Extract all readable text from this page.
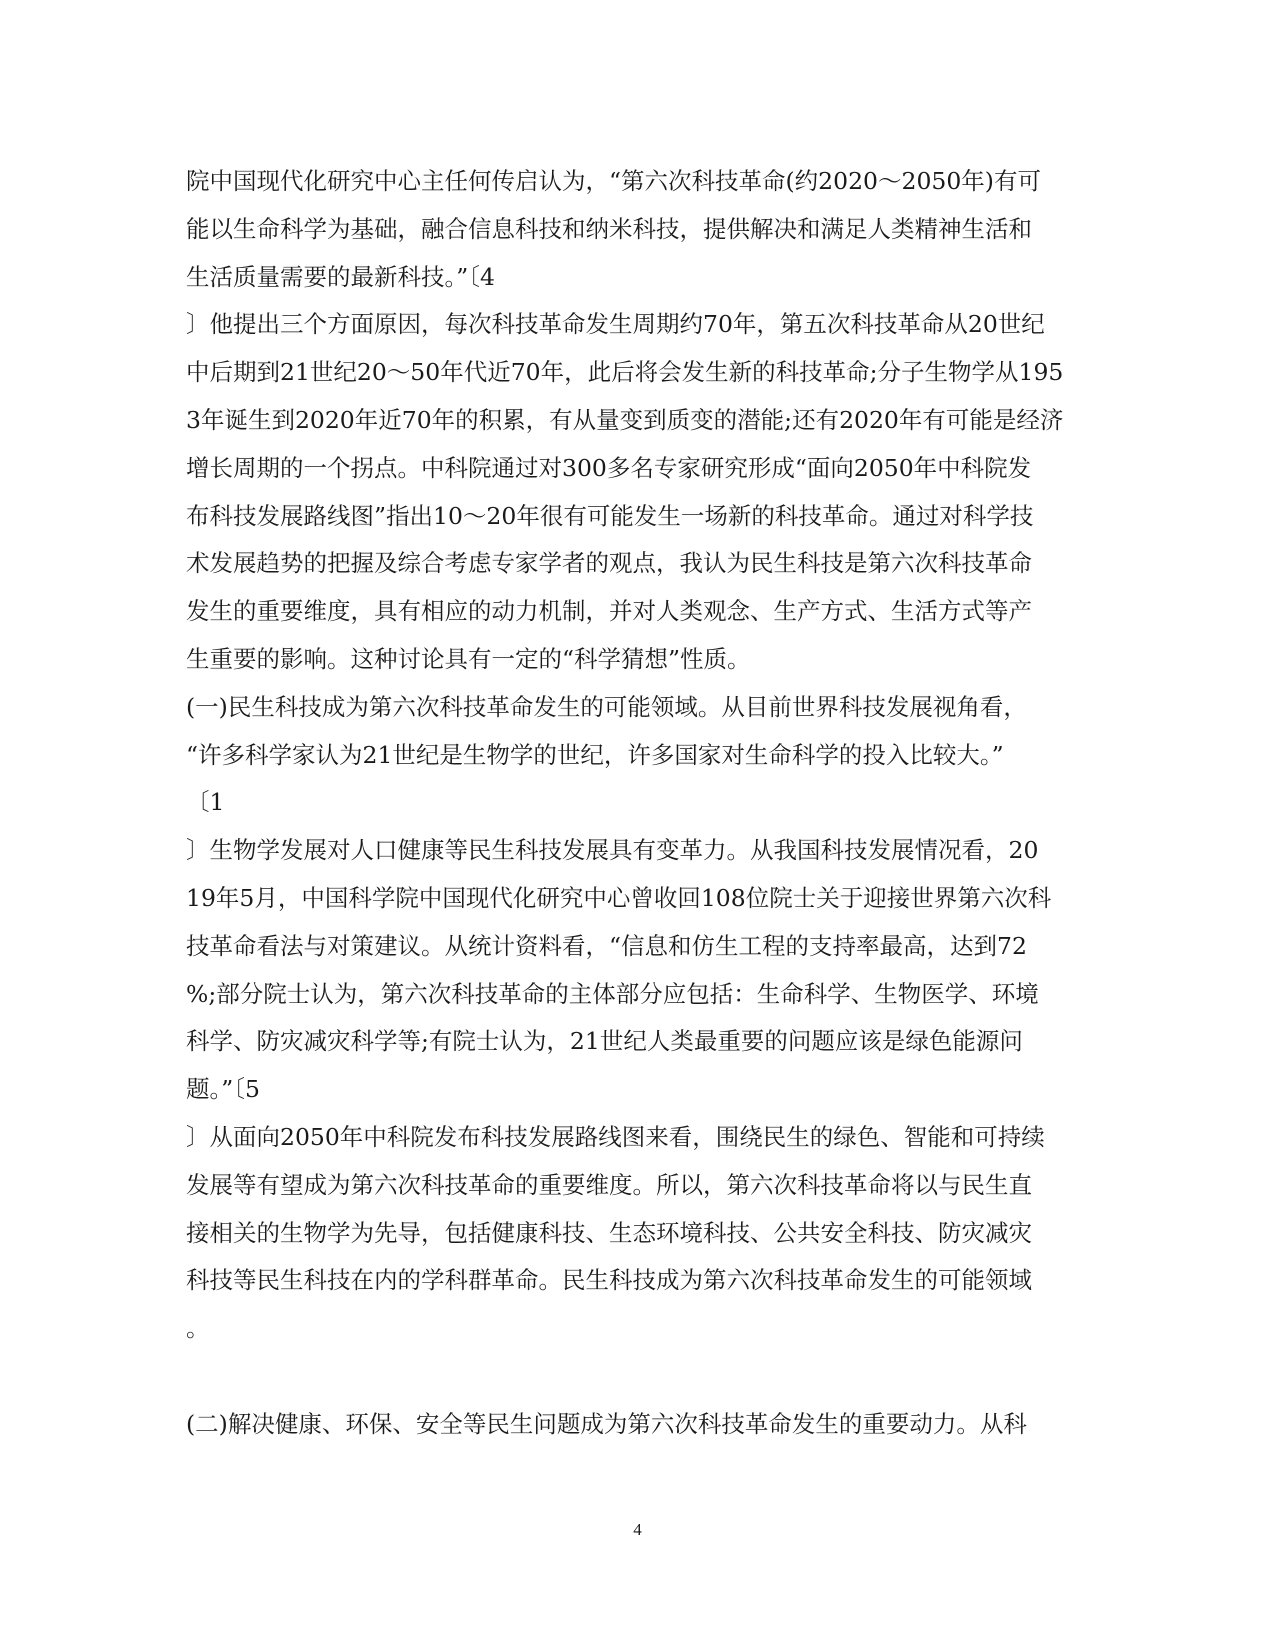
院中国现代化研究中心主任何传启认为，“第六次科技革命(约2020～2050年)有可
能以生命科学为基础，融合信息科技和纳米科技，提供解决和满足人类精神生活和
生活质量需要的最新科技。”〔4
〕他提出三个方面原因，每次科技革命发生周期约70年，第五次科技革命从20世纪
中后期到21世纪20～50年代近70年，此后将会发生新的科技革命;分子生物学从195
3年诞生到2020年近70年的积累，有从量变到质变的潜能;还有2020年有可能是经济
增长周期的一个拐点。中科院通过对300多名专家研究形成“面向2050年中科院发
布科技发展路线图”指出10～20年很有可能发生一场新的科技革命。通过对科学技
术发展趋势的把握及综合考虑专家学者的观点，我认为民生科技是第六次科技革命
发生的重要维度，具有相应的动力机制，并对人类观念、生产方式、生活方式等产
生重要的影响。这种讨论具有一定的“科学猜想”性质。
(一)民生科技成为第六次科技革命发生的可能领域。从目前世界科技发展视角看，
“许多科学家认为21世纪是生物学的世纪，许多国家对生命科学的投入比较大。”
〔1
〕生物学发展对人口健康等民生科技发展具有变革力。从我国科技发展情况看，20
19年5月，中国科学院中国现代化研究中心曾收回108位院士关于迎接世界第六次科
技革命看法与对策建议。从统计资料看，“信息和仿生工程的支持率最高，达到72
%;部分院士认为，第六次科技革命的主体部分应包括：生命科学、生物医学、环境
科学、防灾减灾科学等;有院士认为，21世纪人类最重要的问题应该是绿色能源问
题。”〔5
〕从面向2050年中科院发布科技发展路线图来看，围绕民生的绿色、智能和可持续
发展等有望成为第六次科技革命的重要维度。所以，第六次科技革命将以与民生直
接相关的生物学为先导，包括健康科技、生态环境科技、公共安全科技、防灾减灾
科技等民生科技在内的学科群革命。民生科技成为第六次科技革命发生的可能领域
。
(二)解决健康、环保、安全等民生问题成为第六次科技革命发生的重要动力。从科
4
